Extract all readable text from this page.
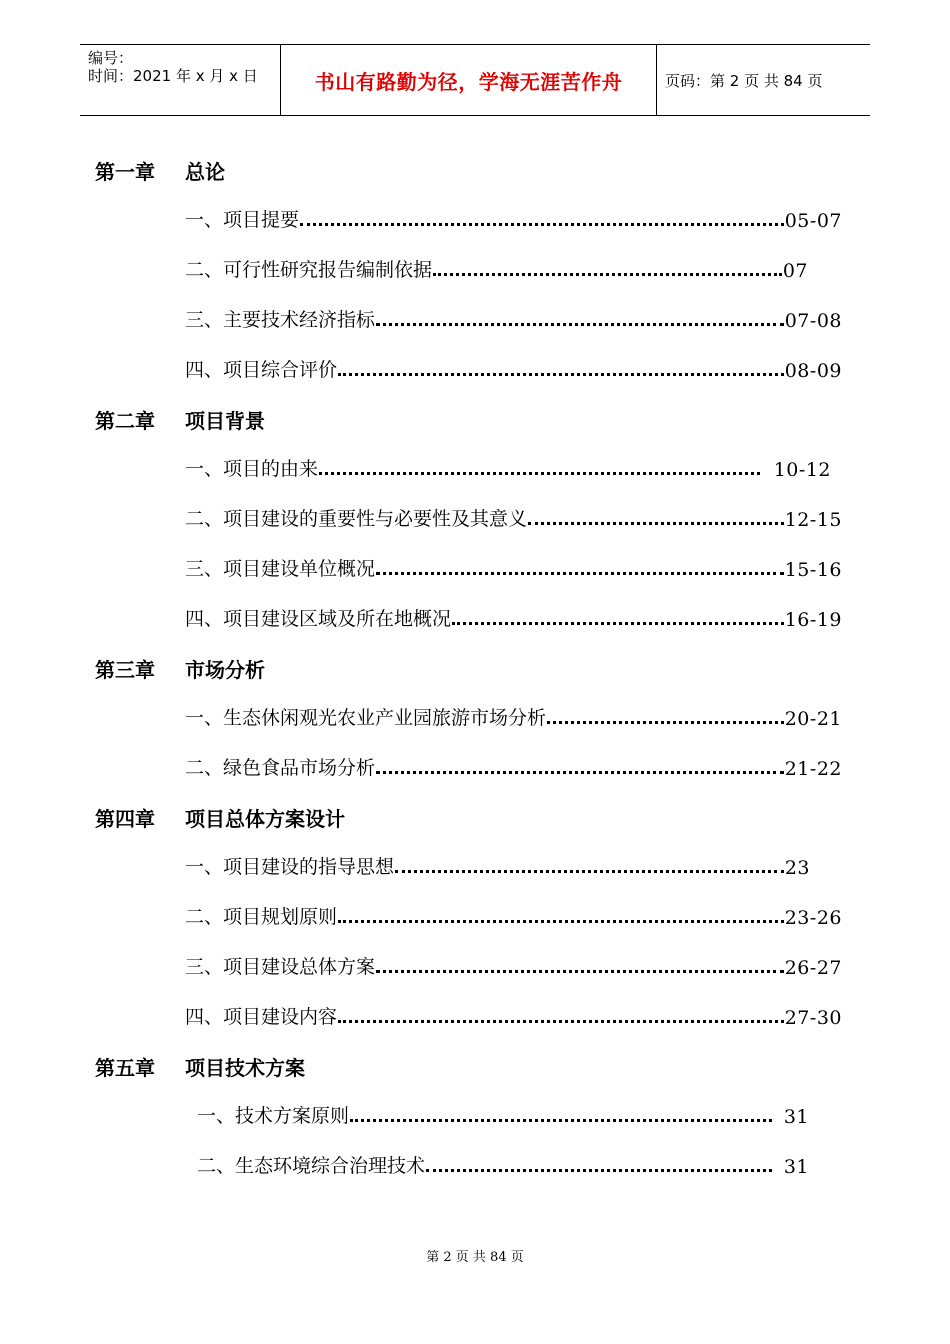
编号：
时间：2021 年 x 月 x 日	书山有路勤为径，学海无涯苦作舟	页码：第 2 页 共 84 页
第一章 总论
一、项目提要	05-07
二、可行性研究报告编制依据	07
三、主要技术经济指标	07-08
四、项目综合评价	08-09
第二章 项目背景
一、项目的由来	10-12
二、项目建设的重要性与必要性及其意义	12-15
三、项目建设单位概况	15-16
四、项目建设区域及所在地概况	16-19
第三章 市场分析
一、生态休闲观光农业产业园旅游市场分析	20-21
二、绿色食品市场分析	21-22
第四章 项目总体方案设计
一、项目建设的指导思想	23
二、项目规划原则	23-26
三、项目建设总体方案	26-27
四、项目建设内容	27-30
第五章 项目技术方案
一、技术方案原则	31
二、生态环境综合治理技术	31
第 2 页 共 84 页
